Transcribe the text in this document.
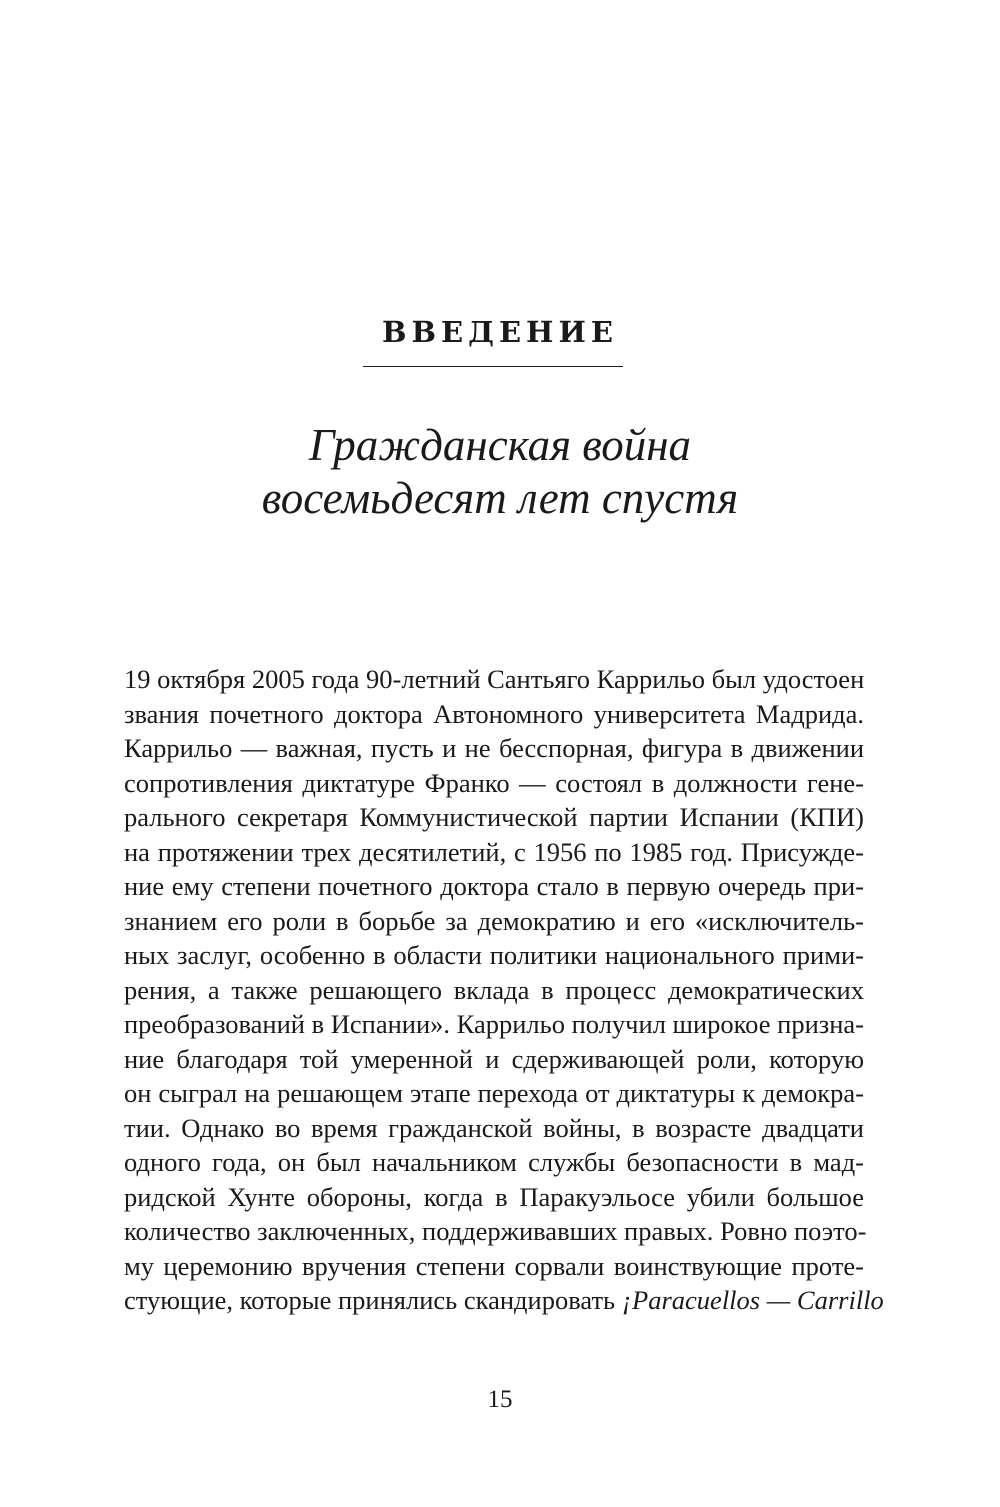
ВВЕДЕНИЕ
Гражданская война
восемьдесят лет спустя
19 октября 2005 года 90-летний Сантьяго Каррильо был удостоен
звания почетного доктора Автономного университета Мадрида.
Каррильо — важная, пусть и не бесспорная, фигура в движении
сопротивления диктатуре Франко — состоял в должности гене-
рального секретаря Коммунистической партии Испании (КПИ)
на протяжении трех десятилетий, с 1956 по 1985 год. Присужде-
ние ему степени почетного доктора стало в первую очередь при-
знанием его роли в борьбе за демократию и его «исключитель-
ных заслуг, особенно в области политики национального прими-
рения, а также решающего вклада в процесс демократических
преобразований в Испании». Каррильо получил широкое призна-
ние благодаря той умеренной и сдерживающей роли, которую
он сыграл на решающем этапе перехода от диктатуры к демокра-
тии. Однако во время гражданской войны, в возрасте двадцати
одного года, он был начальником службы безопасности в мад-
ридской Хунте обороны, когда в Паракуэльосе убили большое
количество заключенных, поддерживавших правых. Ровно поэто-
му церемонию вручения степени сорвали воинствующие проте-
стующие, которые принялись скандировать ¡Paracuellos — Carrillo
15
